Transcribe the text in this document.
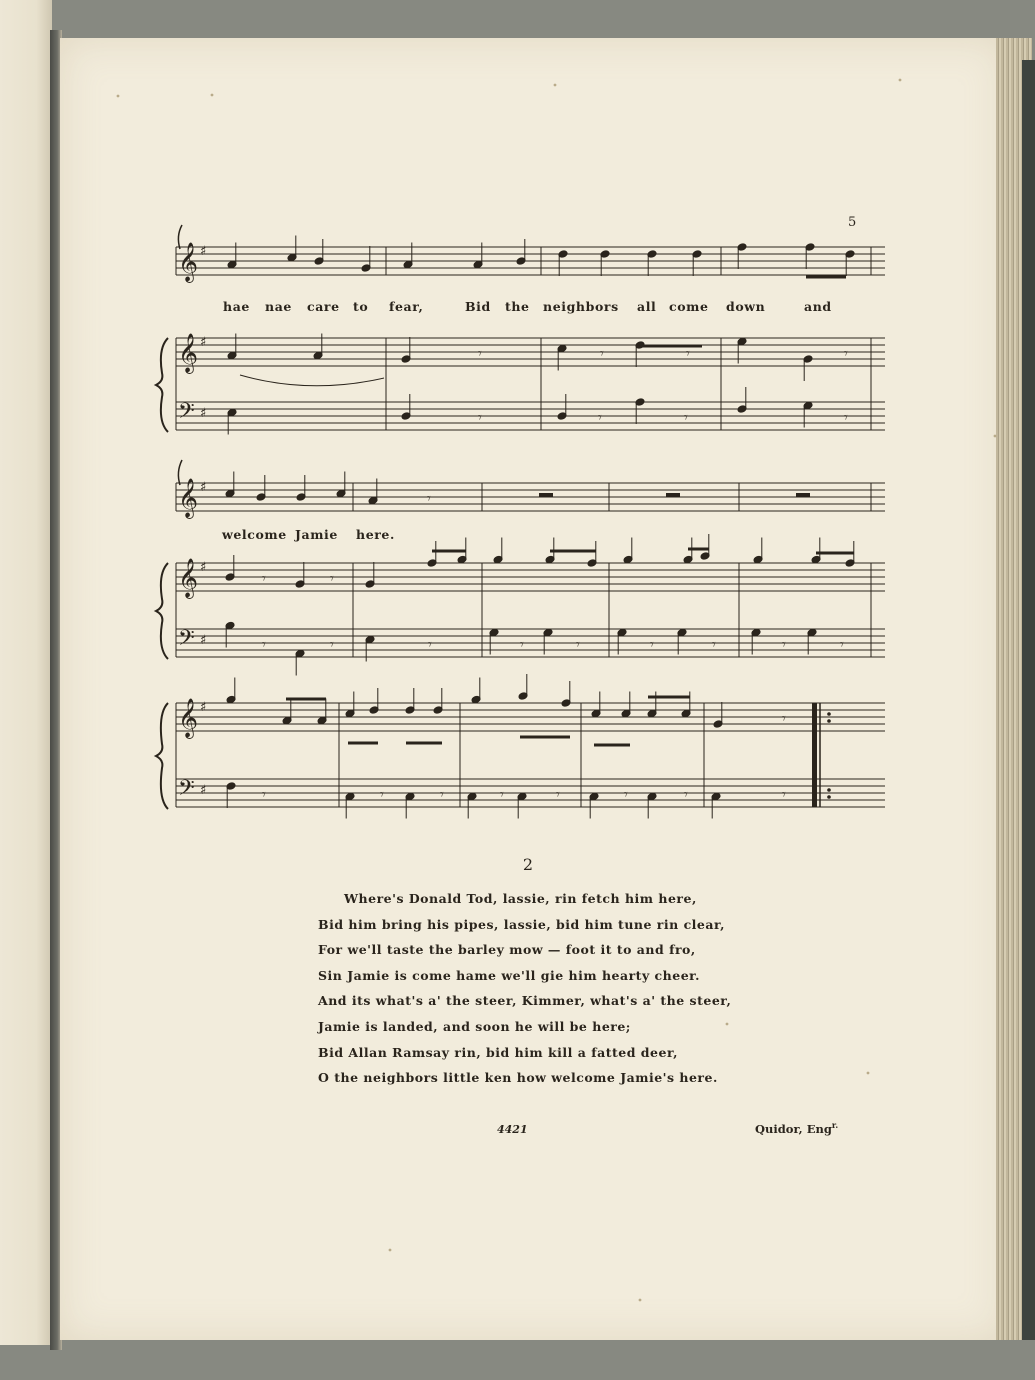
5
𝄞 ♯
𝄞 ♯
𝄢 ♯
𝄞 ♯
𝄞 ♯
𝄢 ♯
𝄞 ♯
𝄢 ♯
𝄾	𝄾	𝄾	𝄾
𝄾	𝄾	𝄾	𝄾
𝄾
𝄾	𝄾
𝄾	𝄾	𝄾	𝄾	𝄾	𝄾
𝄾	𝄾	𝄾
𝄾
𝄾	𝄾	𝄾	𝄾	𝄾	𝄾	𝄾	𝄾
hae nae care to fear,	Bid the neighbors all come down	and
welcome Jamie here.
2
Where's Donald Tod, lassie, rin fetch him here,
Bid him bring his pipes, lassie, bid him tune rin clear,
For we'll taste the barley mow — foot it to and fro,
Sin Jamie is come hame we'll gie him hearty cheer.
And its what's a' the steer, Kimmer, what's a' the steer,
Jamie is landed, and soon he will be here;
Bid Allan Ramsay rin, bid him kill a fatted deer,
O the neighbors little ken how welcome Jamie's here.
4421	Quidor, Eng$^{r.}$
